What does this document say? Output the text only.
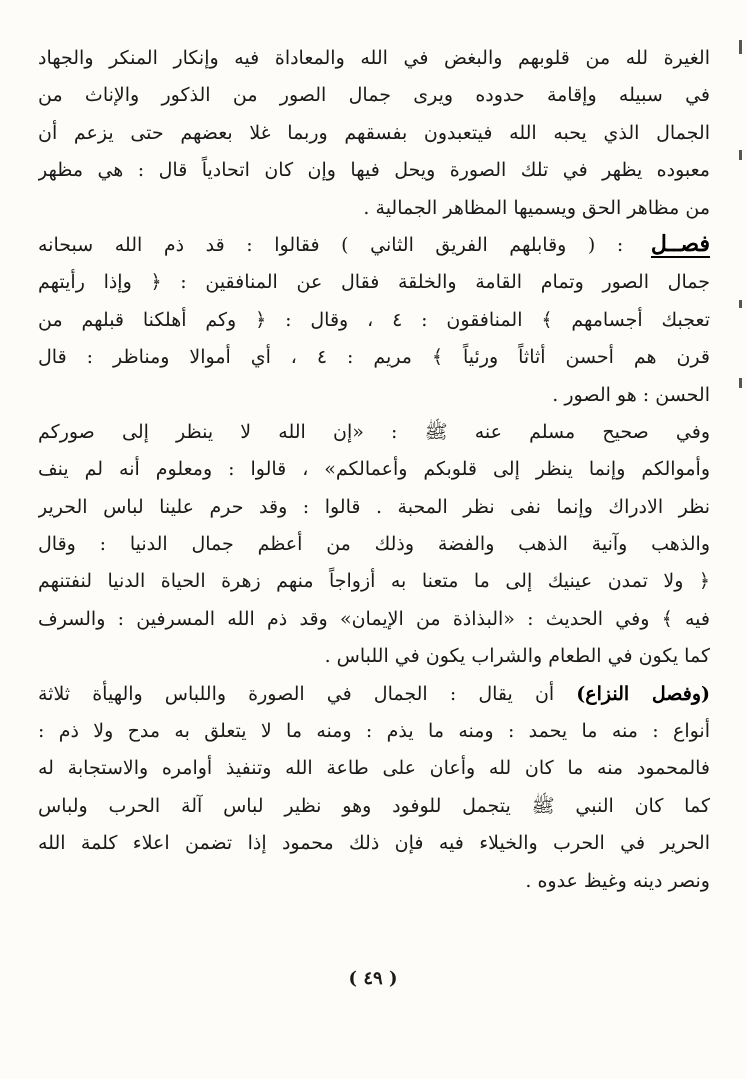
الغيرة لله من قلوبهم والبغض في الله والمعاداة فيه وإنكار المنكر والجهاد
في سبيله وإقامة حدوده ويرى جمال الصور من الذكور والإناث من
الجمال الذي يحبه الله فيتعبدون بفسقهم وربما غلا بعضهم حتى يزعم أن
معبوده يظهر في تلك الصورة ويحل فيها وإن كان اتحادياً قال : هي مظهر
من مظاهر الحق ويسميها المظاهر الجمالية .
فصــل : ( وقابلهم الفريق الثاني ) فقالوا : قد ذم الله سبحانه
جمال الصور وتمام القامة والخلقة فقال عن المنافقين : ﴿ وإذا رأيتهم
تعجبك أجسامهم ﴾ المنافقون : ٤ ، وقال : ﴿ وكم أهلكنا قبلهم من
قرن هم أحسن أثاثاً ورئياً ﴾ مريم : ٤ ، أي أموالا ومناظر : قال
الحسن : هو الصور .
وفي صحيح مسلم عنه ﷺ : «إن الله لا ينظر إلى صوركم
وأموالكم وإنما ينظر إلى قلوبكم وأعمالكم» ، قالوا : ومعلوم أنه لم ينف
نظر الادراك وإنما نفى نظر المحبة . قالوا : وقد حرم علينا لباس الحرير
والذهب وآنية الذهب والفضة وذلك من أعظم جمال الدنيا : وقال
﴿ ولا تمدن عينيك إلى ما متعنا به أزواجاً منهم زهرة الحياة الدنيا لنفتنهم
فيه ﴾ وفي الحديث : «البذاذة من الإيمان» وقد ذم الله المسرفين : والسرف
كما يكون في الطعام والشراب يكون في اللباس .
(وفصل النزاع) أن يقال : الجمال في الصورة واللباس والهيأة ثلاثة
أنواع : منه ما يحمد : ومنه ما يذم : ومنه ما لا يتعلق به مدح ولا ذم :
فالمحمود منه ما كان لله وأعان على طاعة الله وتنفيذ أوامره والاستجابة له
كما كان النبي ﷺ يتجمل للوفود وهو نظير لباس آلة الحرب ولباس
الحرير في الحرب والخيلاء فيه فإن ذلك محمود إذا تضمن اعلاء كلمة الله
ونصر دينه وغيظ عدوه .
( ٤٩ )
